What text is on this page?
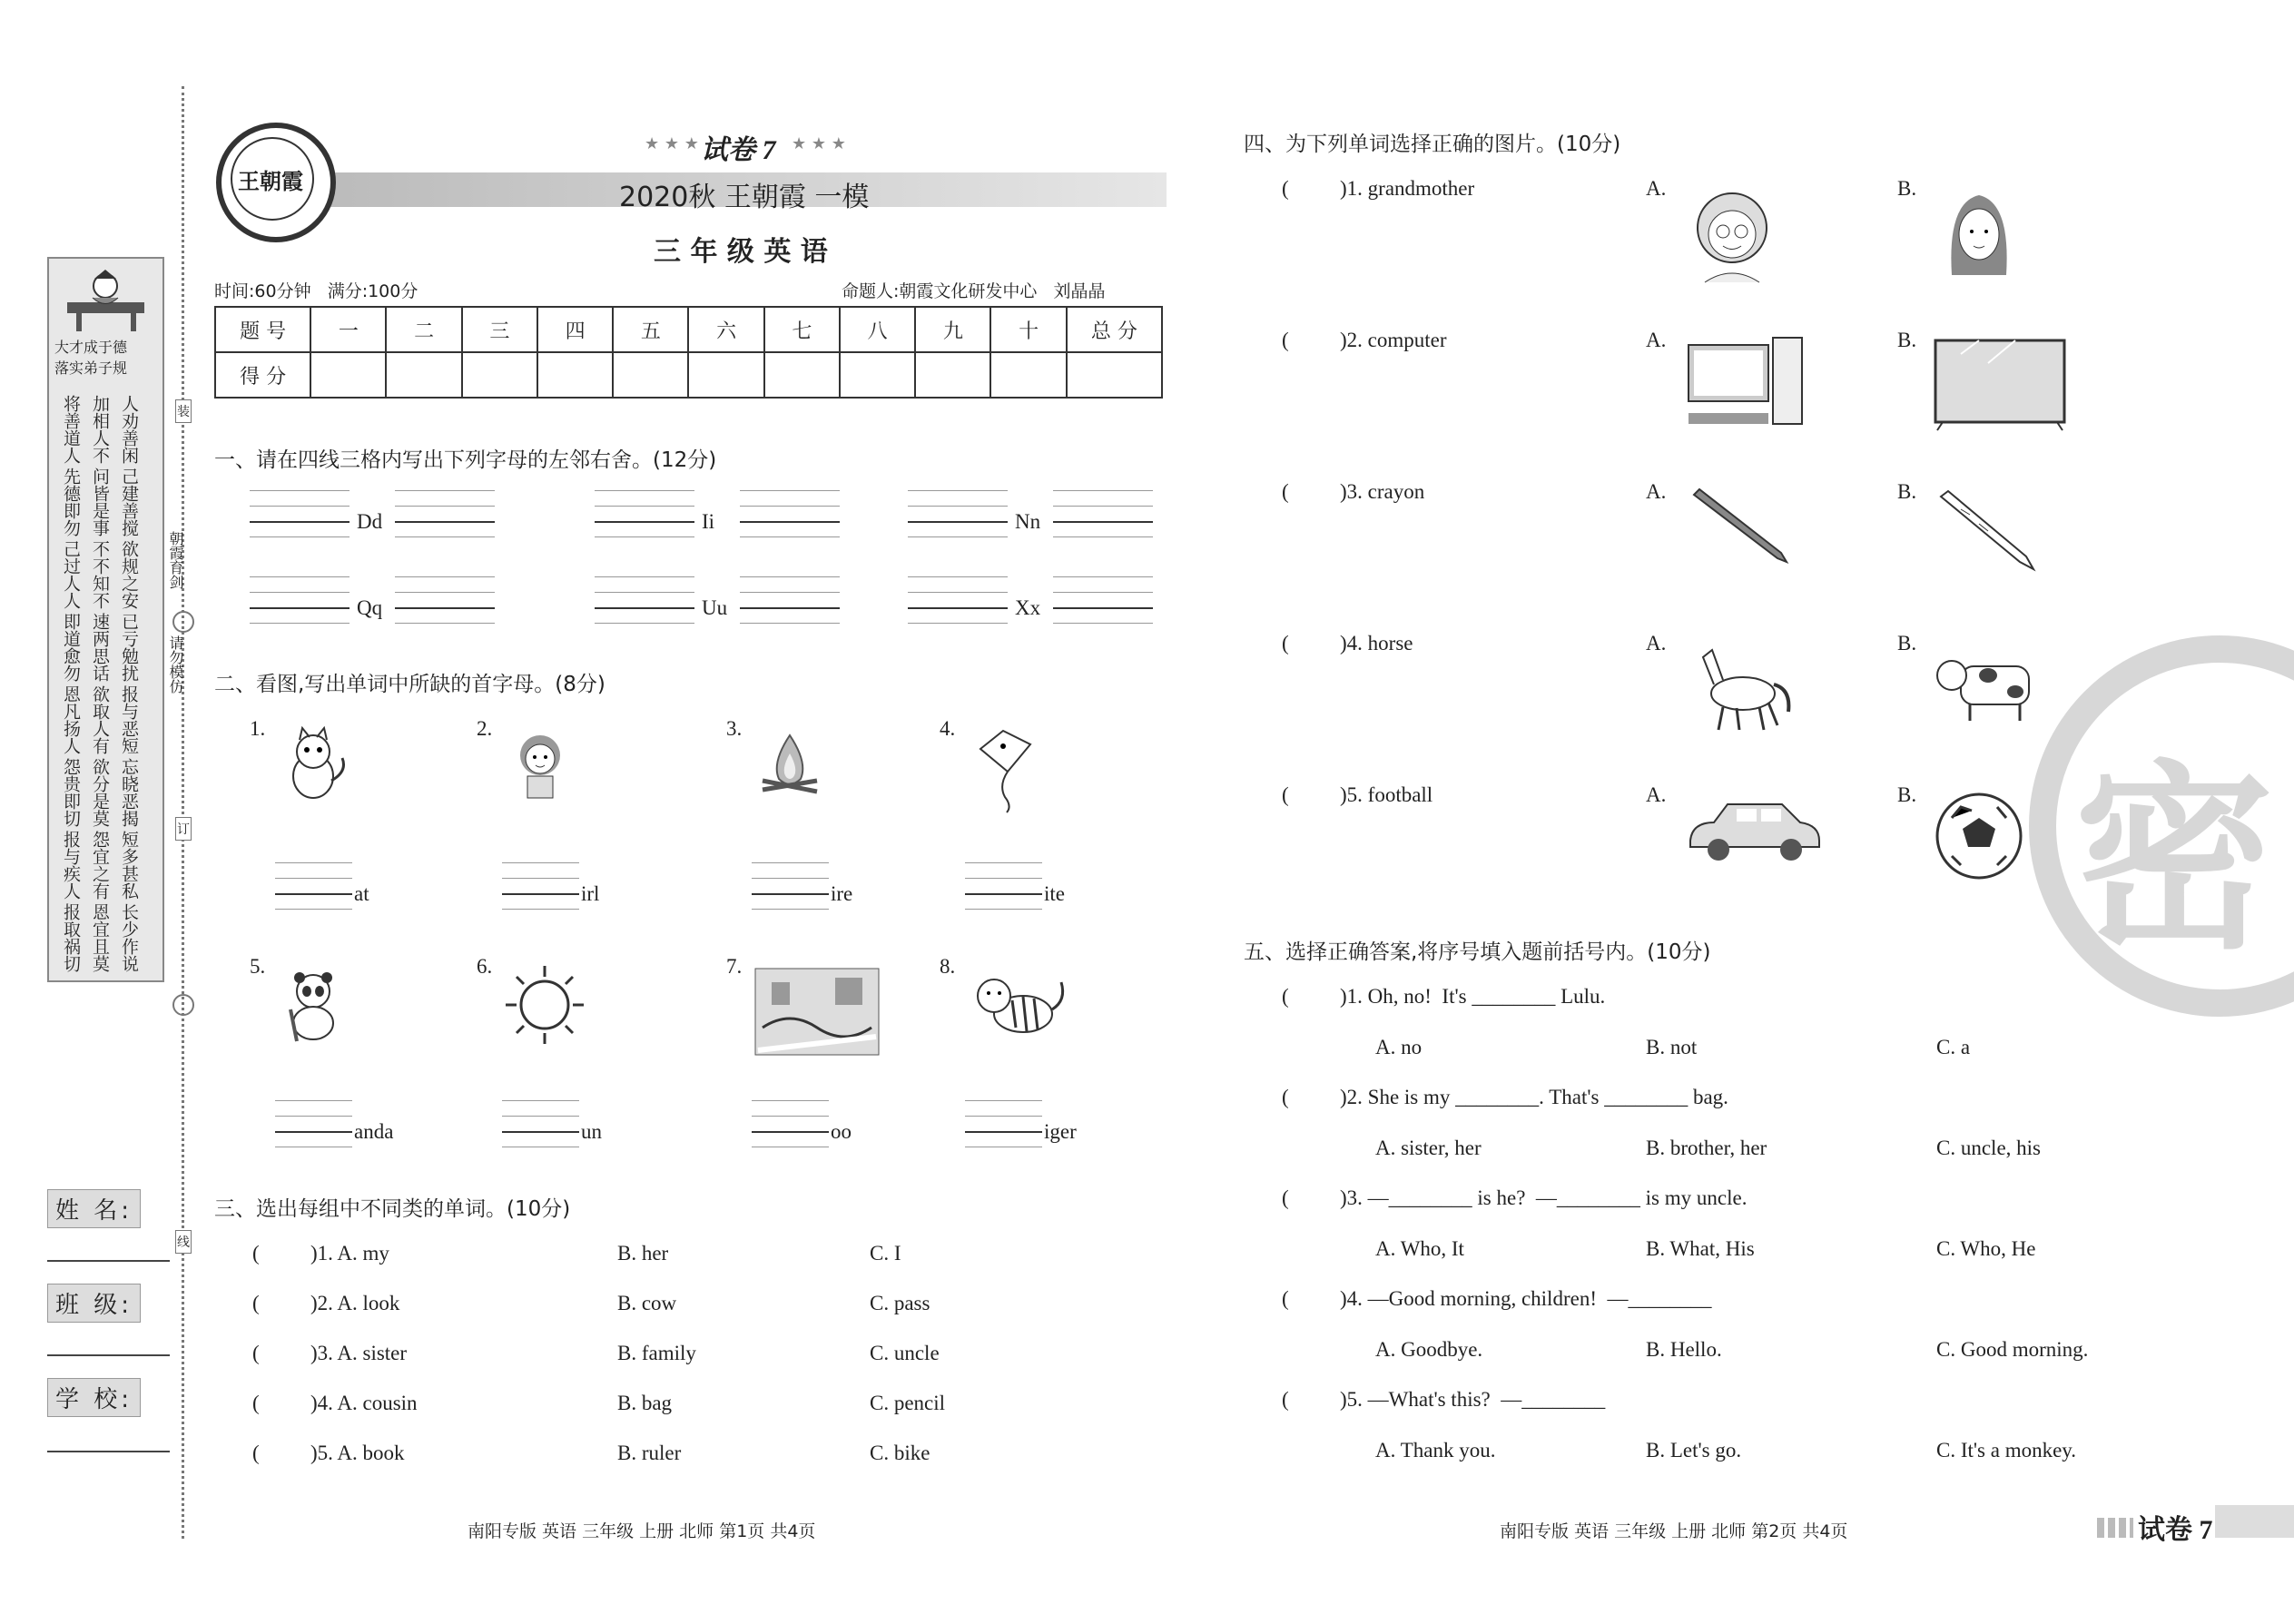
大才成于德
落实弟子规
将善道人 加相人不 人劝善闲
先德即勿 问皆是事 己建善搅
己过人人 不不知不 欲规之安
即道愈勿 速两思话 已亏勉扰
恩凡扬人 欲取人有 报与恶短
怨贵即切 欲分是莫 忘晓恶揭
报与疾人 怨宜之有 短多甚私
报取祸切 恩宜且莫 长少作说
装
订
线
朝霞育剑
请勿模仿
姓 名:
班 级:
学 校:
王朝霞
★ ★ ★ 试卷 7 ★ ★ ★
2020秋 王朝霞 一模
三 年 级 英 语
时间:60分钟   满分:100分	命题人:朝霞文化研发中心   刘晶晶
题 号	一	二	三	四	五	六	七	八	九	十	总 分
得 分											
一、请在四线三格内写出下列字母的左邻右舍。(12分)
Dd	Ii	Nn
Qq	Uu	Xx
二、看图,写出单词中所缺的首字母。(8分)
1.
at
2.
irl
3.
ire
4.
ite
5.
anda
6.
un
7.
oo
8.
iger
三、选出每组中不同类的单词。(10分)
( )1. A. my	B. her	C. I
( )2. A. look	B. cow	C. pass
( )3. A. sister	B. family	C. uncle
( )4. A. cousin	B. bag	C. pencil
( )5. A. book	B. ruler	C. bike
南阳专版 英语 三年级 上册 北师 第1页 共4页
密
四、为下列单词选择正确的图片。(10分)
( )1. grandmother	A.	B.
( )2. computer	A.	B.
( )3. crayon	A.	B.
( )4. horse	A.	B.
( )5. football	A.	B.
五、选择正确答案,将序号填入题前括号内。(10分)
( )1. Oh, no!  It's ________ Lulu.
A. no	B. not	C. a
( )2. She is my ________. That's ________ bag.
A. sister, her	B. brother, her	C. uncle, his
( )3. —________ is he?  —________ is my uncle.
A. Who, It	B. What, His	C. Who, He
( )4. —Good morning, children!  —________
A. Goodbye.	B. Hello.	C. Good morning.
( )5. —What's this?  —________
A. Thank you.	B. Let's go.	C. It's a monkey.
南阳专版 英语 三年级 上册 北师 第2页 共4页	试卷 7
